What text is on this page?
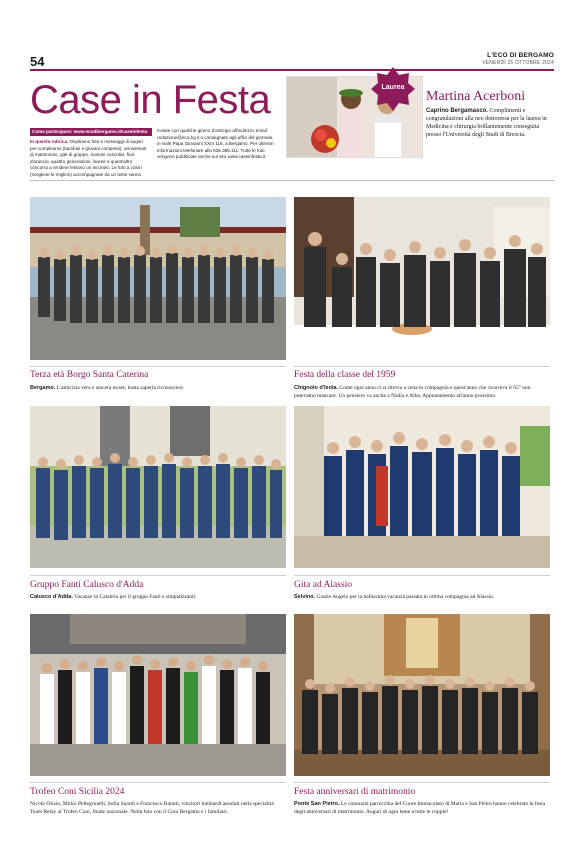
54	L'ECO DI BERGAMO
VENERDÌ 25 OTTOBRE 2024
Case in Festa
Come partecipare: www.ecodibergamo.it/caseinfesta
In questa rubrica. Ospitiamo foto e messaggi di auguri per compleanni (bambini e giovani compresi), anniversari di matrimonio, gite di gruppo, riunioni coscritivi, fiori d'arancio, quattro generazioni, lauree e quant'altro concorra a rendere festoso un incontro. Le foto a colori (scegliete le migliori) accompagnate da un testo vanno
inviate con qualche giorno d'anticipo all'indirizzo email: redazione@eco.bg.it o consegnate agli uffici del giornale, in viale Papa Giovanni XXIII 118, a Bergamo. Per ulteriori informazioni telefonare allo 035.386.111. Tutte le foto vengono pubblicate anche sul sito www.caseinfesta.it
Laurea
Martina Acerboni
Caprino Bergamasco. Complimenti e congratulazioni alla neo dottoressa per la laurea in Medicina e chirurgia brillantemente conseguita presso l'Università degli Studi di Brescia.
Terza età Borgo Santa Caterina
Bergamo. L'amicizia vera e sincera esiste, basta saperla riconoscere.
Festa della classe del 1959
Chignolo d'Isola. Come ogni anno ci si ritrova a cena in compagnia e quest'anno che ricorreva il 65° non potevamo mancare. Un pensiero va anche a Nadia e Alba. Appuntamento all'anno prossimo.
Gruppo Fanti Calusco d'Adda
Calusco d'Adda. Vacanze in Calabria per il gruppo Fanti e simpatizzanti.
Gita ad Alassio
Selvino. Grazie Angelo per la bellissima vacanza passata in ottima compagnia ad Alassio.
Trofeo Coni Sicilia 2024
Nicolò Orisio, Mirko Pellegrinelli, Sofia Suardi e Francesco Baratti, vincitori lombardi assoluti nella specialità Team Relay al Trofeo Coni, finale nazionale. Nella foto con il Coni Bergamo e i familiari.
Festa anniversari di matrimonio
Ponte San Pietro. Le comunità parrocchia del Cuore Immacolato di Maria e San Pietro hanno celebrato la festa degli anniversari di matrimonio. Auguri di ogni bene a tutte le coppie!
